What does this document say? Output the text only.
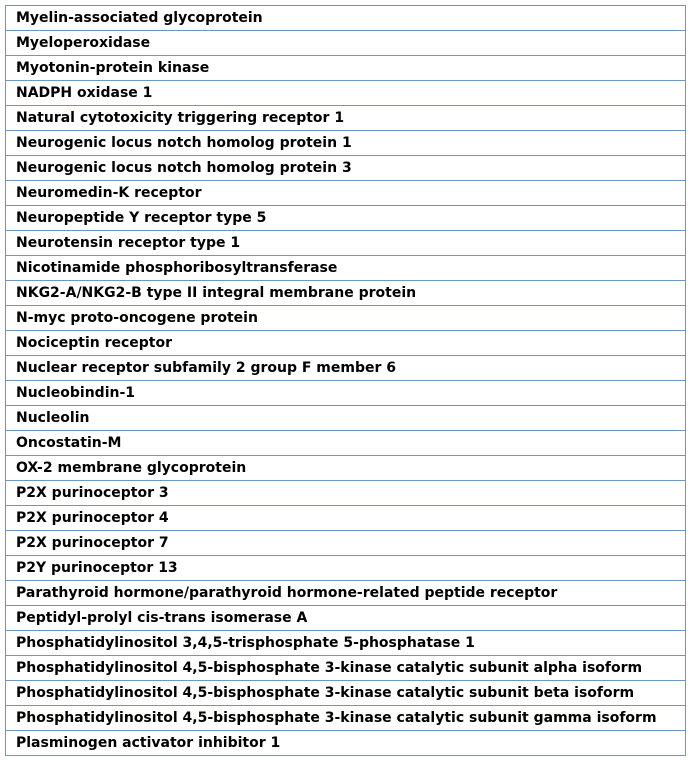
Myelin-associated glycoprotein
Myeloperoxidase
Myotonin-protein kinase
NADPH oxidase 1
Natural cytotoxicity triggering receptor 1
Neurogenic locus notch homolog protein 1
Neurogenic locus notch homolog protein 3
Neuromedin-K receptor
Neuropeptide Y receptor type 5
Neurotensin receptor type 1
Nicotinamide phosphoribosyltransferase
NKG2-A/NKG2-B type II integral membrane protein
N-myc proto-oncogene protein
Nociceptin receptor
Nuclear receptor subfamily 2 group F member 6
Nucleobindin-1
Nucleolin
Oncostatin-M
OX-2 membrane glycoprotein
P2X purinoceptor 3
P2X purinoceptor 4
P2X purinoceptor 7
P2Y purinoceptor 13
Parathyroid hormone/parathyroid hormone-related peptide receptor
Peptidyl-prolyl cis-trans isomerase A
Phosphatidylinositol 3,4,5-trisphosphate 5-phosphatase 1
Phosphatidylinositol 4,5-bisphosphate 3-kinase catalytic subunit alpha isoform
Phosphatidylinositol 4,5-bisphosphate 3-kinase catalytic subunit beta isoform
Phosphatidylinositol 4,5-bisphosphate 3-kinase catalytic subunit gamma isoform
Plasminogen activator inhibitor 1
